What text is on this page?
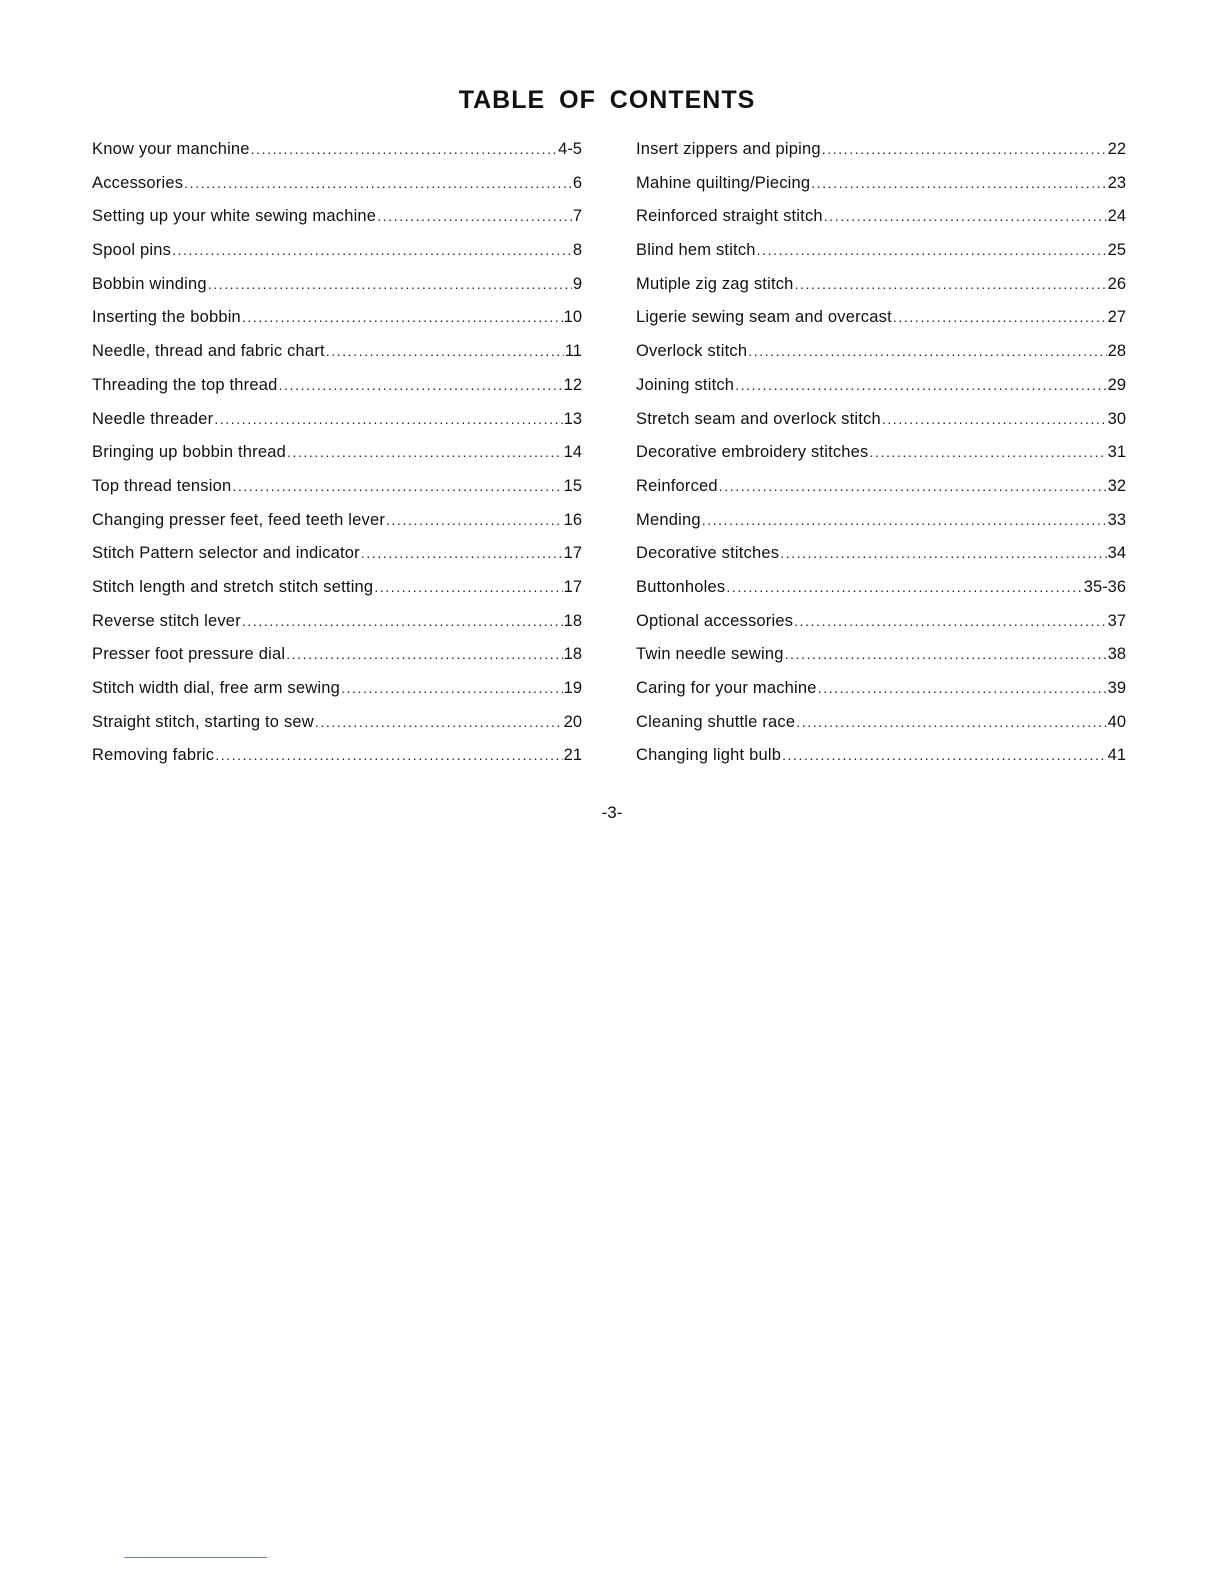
TABLE OF CONTENTS
Know your manchine .....	4-5
Accessories .....	6
Setting up your white sewing machine .....	7
Spool pins .....	8
Bobbin winding .....	9
Inserting the bobbin .....	10
Needle, thread and fabric chart .....	11
Threading the top thread .....	12
Needle threader .....	13
Bringing up bobbin thread .....	14
Top thread tension .....	15
Changing presser feet, feed teeth lever .....	16
Stitch Pattern selector and indicator .....	17
Stitch length and stretch stitch setting .....	17
Reverse stitch lever .....	18
Presser foot pressure dial .....	18
Stitch width dial, free arm sewing .....	19
Straight stitch, starting to sew .....	20
Removing fabric .....	21
Insert zippers and piping .....	22
Mahine quilting/Piecing .....	23
Reinforced straight stitch .....	24
Blind hem stitch .....	25
Mutiple zig zag stitch .....	26
Ligerie sewing seam and overcast .....	27
Overlock stitch .....	28
Joining stitch .....	29
Stretch seam and overlock stitch .....	30
Decorative embroidery stitches .....	31
Reinforced .....	32
Mending .....	33
Decorative stitches .....	34
Buttonholes .....	35-36
Optional accessories .....	37
Twin needle sewing .....	38
Caring for your machine .....	39
Cleaning shuttle race .....	40
Changing light bulb .....	41
-3-
